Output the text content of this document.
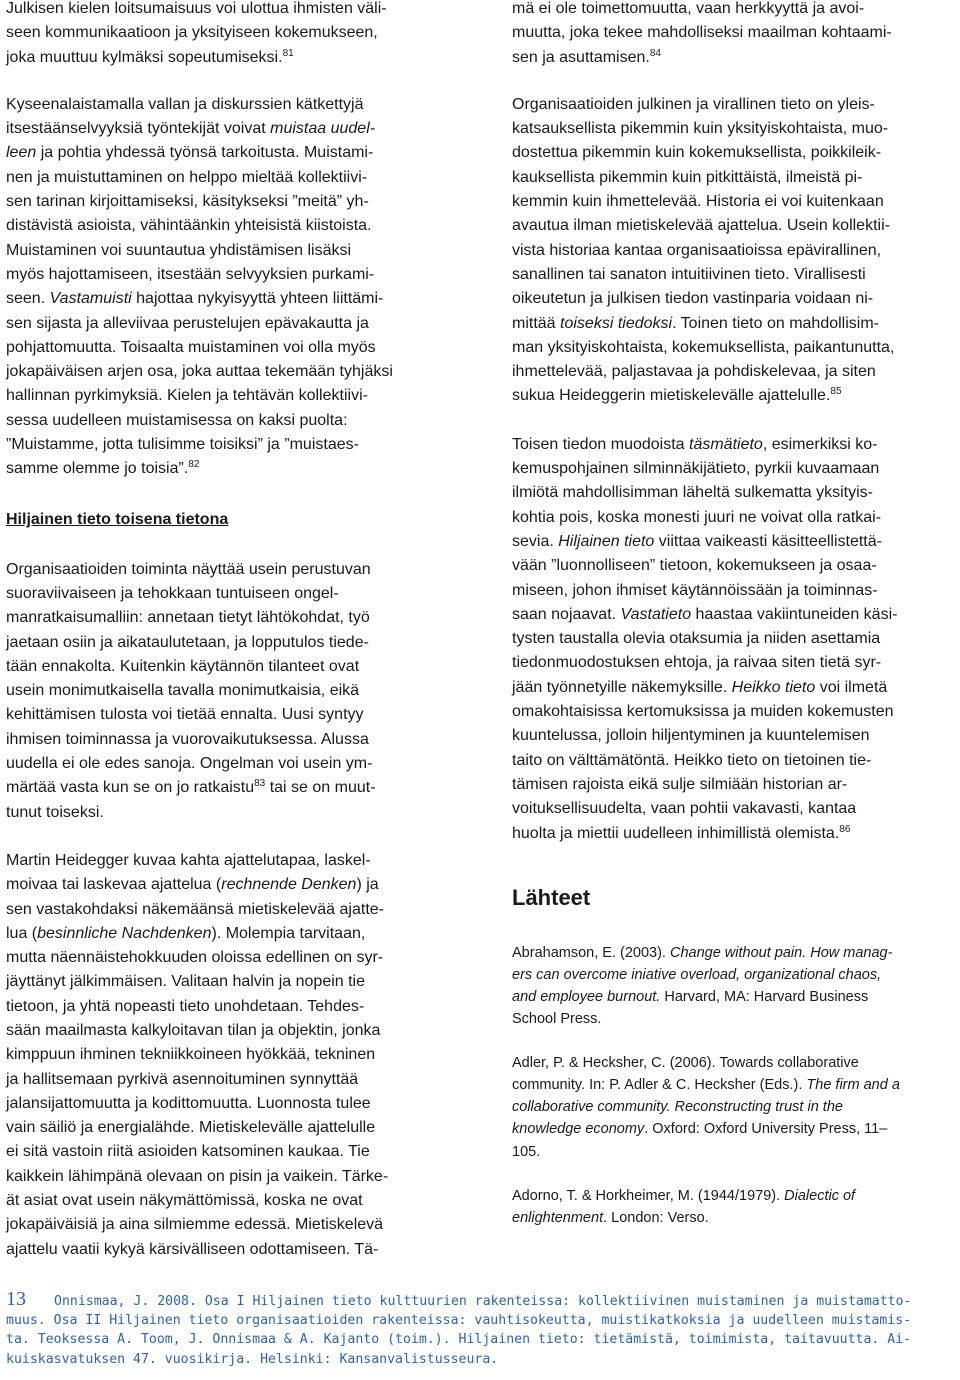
Julkisen kielen loitsumaisuus voi ulottua ihmisten väli-
seen kommunikaatioon ja yksityiseen kokemukseen,
joka muuttuu kylmäksi sopeutumiseksi.$^{81}$
Kyseenalaistamalla vallan ja diskurssien kätkettyjä
itsestäänselvyyksiä työntekijät voivat muistaa uudel-
leen ja pohtia yhdessä työnsä tarkoitusta. Muistami-
nen ja muistuttaminen on helppo mieltää kollektiivi-
sen tarinan kirjoittamiseksi, käsitykseksi ”meitä” yh-
distävistä asioista, vähintäänkin yhteisistä kiistoista.
Muistaminen voi suuntautua yhdistämisen lisäksi
myös hajottamiseen, itsestään selvyyksien purkami-
seen. Vastamuisti hajottaa nykyisyyttä yhteen liittämi-
sen sijasta ja alleviivaa perustelujen epävakautta ja
pohjattomuutta. Toisaalta muistaminen voi olla myös
jokapäiväisen arjen osa, joka auttaa tekemään tyhjäksi
hallinnan pyrkimyksiä. Kielen ja tehtävän kollektiivi-
sessa uudelleen muistamisessa on kaksi puolta:
”Muistamme, jotta tulisimme toisiksi” ja ”muistaes-
samme olemme jo toisia”.$^{82}$
Hiljainen tieto toisena tietona
Organisaatioiden toiminta näyttää usein perustuvan
suoraviivaiseen ja tehokkaan tuntuiseen ongel-
manratkaisumalliin: annetaan tietyt lähtökohdat, työ
jaetaan osiin ja aikataulutetaan, ja lopputulos tiede-
tään ennakolta. Kuitenkin käytännön tilanteet ovat
usein monimutkaisella tavalla monimutkaisia, eikä
kehittämisen tulosta voi tietää ennalta. Uusi syntyy
ihmisen toiminnassa ja vuorovaikutuksessa. Alussa
uudella ei ole edes sanoja. Ongelman voi usein ym-
märtää vasta kun se on jo ratkaistu$^{83}$ tai se on muut-
tunut toiseksi.
Martin Heidegger kuvaa kahta ajattelutapaa, laskel-
moivaa tai laskevaa ajattelua (rechnende Denken) ja
sen vastakohdaksi näkemäänsä mietiskelevää ajatte-
lua (besinnliche Nachdenken). Molempia tarvitaan,
mutta näennäistehokkuuden oloissa edellinen on syr-
jäyttänyt jälkimmäisen. Valitaan halvin ja nopein tie
tietoon, ja yhtä nopeasti tieto unohdetaan. Tehdes-
sään maailmasta kalkyloitavan tilan ja objektin, jonka
kimppuun ihminen tekniikkoineen hyökkää, tekninen
ja hallitsemaan pyrkivä asennoituminen synnyttää
jalansijattomuutta ja kodittomuutta. Luonnosta tulee
vain säiliö ja energialähde. Mietiskelevälle ajattelulle
ei sitä vastoin riitä asioiden katsominen kaukaa. Tie
kaikkein lähimpänä olevaan on pisin ja vaikein. Tärke-
ät asiat ovat usein näkymättömissä, koska ne ovat
jokapäiväisiä ja aina silmiemme edessä. Mietiskelevä
ajattelu vaatii kykyä kärsivälliseen odottamiseen. Tä-
mä ei ole toimettomuutta, vaan herkkyyttä ja avoi-
muutta, joka tekee mahdolliseksi maailman kohtaami-
sen ja asuttamisen.$^{84}$
Organisaatioiden julkinen ja virallinen tieto on yleis-
katsauksellista pikemmin kuin yksityiskohtaista, muo-
dostettua pikemmin kuin kokemuksellista, poikkileik-
kauksellista pikemmin kuin pitkittäistä, ilmeistä pi-
kemmin kuin ihmettelevää. Historia ei voi kuitenkaan
avautua ilman mietiskelevää ajattelua. Usein kollektii-
vista historiaa kantaa organisaatioissa epävirallinen,
sanallinen tai sanaton intuitiivinen tieto. Virallisesti
oikeutetun ja julkisen tiedon vastinparia voidaan ni-
mittää toiseksi tiedoksi. Toinen tieto on mahdollisim-
man yksityiskohtaista, kokemuksellista, paikantunutta,
ihmettelevää, paljastavaa ja pohdiskelevaa, ja siten
sukua Heideggerin mietiskelevälle ajattelulle.$^{85}$
Toisen tiedon muodoista täsmätieto, esimerkiksi ko-
kemuspohjainen silminnäkijätieto, pyrkii kuvaamaan
ilmiötä mahdollisimman läheltä sulkematta yksityis-
kohtia pois, koska monesti juuri ne voivat olla ratkai-
sevia. Hiljainen tieto viittaa vaikeasti käsitteellistettä-
vään ”luonnolliseen” tietoon, kokemukseen ja osaa-
miseen, johon ihmiset käytännöissään ja toiminnas-
saan nojaavat. Vastatieto haastaa vakiintuneiden käsi-
tysten taustalla olevia otaksumia ja niiden asettamia
tiedonmuodostuksen ehtoja, ja raivaa siten tietä syr-
jään työnnetyille näkemyksille. Heikko tieto voi ilmetä
omakohtaisissa kertomuksissa ja muiden kokemusten
kuuntelussa, jolloin hiljentyminen ja kuuntelemisen
taito on välttämätöntä. Heikko tieto on tietoinen tie-
tämisen rajoista eikä sulje silmiään historian ar-
voituksellisuudelta, vaan pohtii vakavasti, kantaa
huolta ja miettii uudelleen inhimillistä olemista.$^{86}$
Lähteet
Abrahamson, E. (2003). Change without pain. How manag-
ers can overcome iniative overload, organizational chaos,
and employee burnout. Harvard, MA: Harvard Business
School Press.
Adler, P. & Hecksher, C. (2006). Towards collaborative
community. In: P. Adler & C. Hecksher (Eds.). The firm and a
collaborative community. Reconstructing trust in the
knowledge economy. Oxford: Oxford University Press, 11–
105.
Adorno, T. & Horkheimer, M. (1944/1979). Dialectic of
enlightenment. London: Verso.
13 Onnismaa, J. 2008. Osa I Hiljainen tieto kulttuurien rakenteissa: kollektiivinen muistaminen ja muistamatto-
muus. Osa II Hiljainen tieto organisaatioiden rakenteissa: vauhtisokeutta, muistikatkoksia ja uudelleen muistamis-
ta. Teoksessa A. Toom, J. Onnismaa & A. Kajanto (toim.). Hiljainen tieto: tietämistä, toimimista, taitavuutta. Ai-
kuiskasvatuksen 47. vuosikirja. Helsinki: Kansanvalistusseura.
